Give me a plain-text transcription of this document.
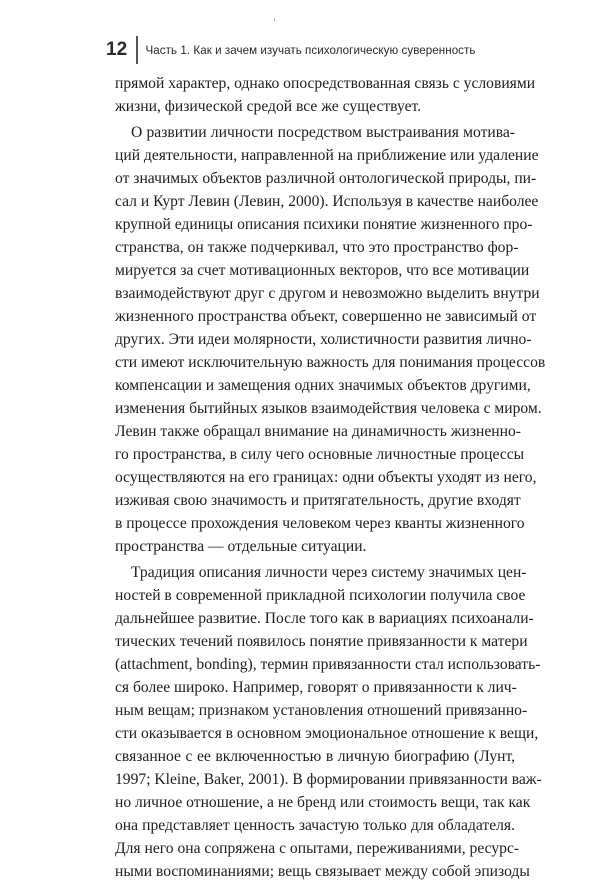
12	Часть 1. Как и зачем изучать психологическую суверенность
прямой характер, однако опосредствованная связь с условиями
жизни, физической средой все же существует.
О развитии личности посредством выстраивания мотива-
ций деятельности, направленной на приближение или удаление
от значимых объектов различной онтологической природы, пи-
сал и Курт Левин (Левин, 2000). Используя в качестве наиболее
крупной единицы описания психики понятие жизненного про-
странства, он также подчеркивал, что это пространство фор-
мируется за счет мотивационных векторов, что все мотивации
взаимодействуют друг с другом и невозможно выделить внутри
жизненного пространства объект, совершенно не зависимый от
других. Эти идеи молярности, холистичности развития лично-
сти имеют исключительную важность для понимания процессов
компенсации и замещения одних значимых объектов другими,
изменения бытийных языков взаимодействия человека с миром.
Левин также обращал внимание на динамичность жизненно-
го пространства, в силу чего основные личностные процессы
осуществляются на его границах: одни объекты уходят из него,
изживая свою значимость и притягательность, другие входят
в процессе прохождения человеком через кванты жизненного
пространства — отдельные ситуации.
Традиция описания личности через систему значимых цен-
ностей в современной прикладной психологии получила свое
дальнейшее развитие. После того как в вариациях психоанали-
тических течений появилось понятие привязанности к матери
(attachment, bonding), термин привязанности стал использовать-
ся более широко. Например, говорят о привязанности к лич-
ным вещам; признаком установления отношений привязанно-
сти оказывается в основном эмоциональное отношение к вещи,
связанное с ее включенностью в личную биографию (Лунт,
1997; Kleine, Baker, 2001). В формировании привязанности важ-
но личное отношение, а не бренд или стоимость вещи, так как
она представляет ценность зачастую только для обладателя.
Для него она сопряжена с опытами, переживаниями, ресурс-
ными воспоминаниями; вещь связывает между собой эпизоды
